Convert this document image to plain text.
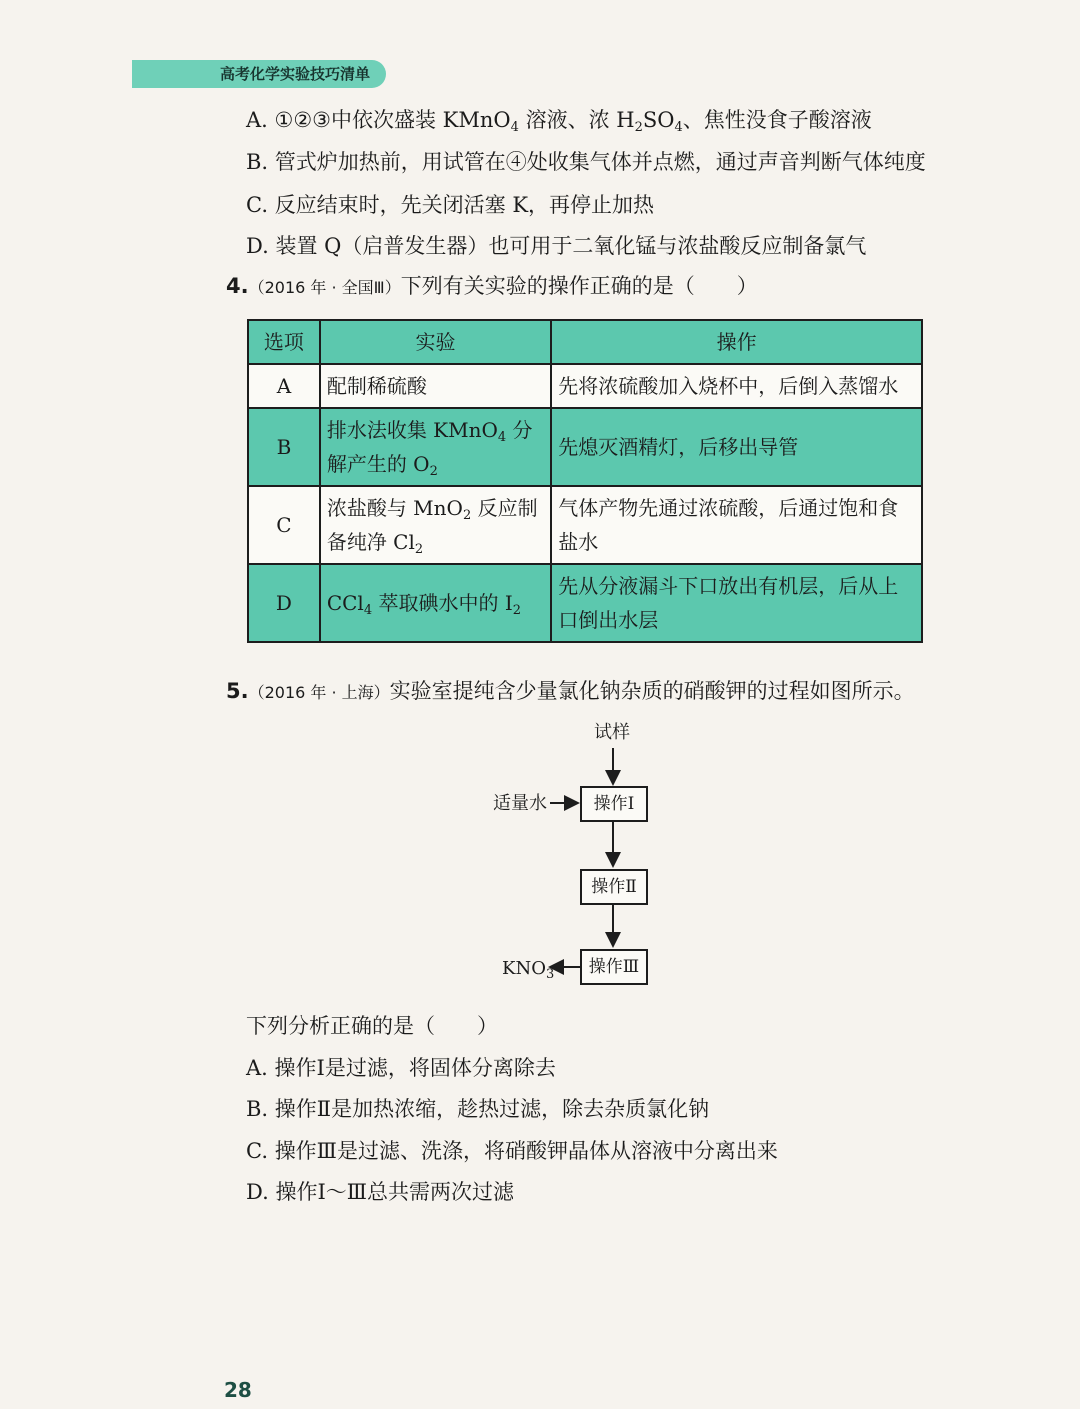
高考化学实验技巧清单
A. ①②③中依次盛装 KMnO$_4$ 溶液、浓 $H_2SO_4$、焦性没食子酸溶液
B. 管式炉加热前，用试管在④处收集气体并点燃，通过声音判断气体纯度
C. 反应结束时，先关闭活塞 K，再停止加热
D. 装置 Q（启普发生器）也可用于二氧化锰与浓盐酸反应制备氯气
4.（2016 年 · 全国Ⅲ）下列有关实验的操作正确的是（　　）
选项	实验	操作
A	配制稀硫酸	先将浓硫酸加入烧杯中，后倒入蒸馏水
B	排水法收集 KMnO$_4$ 分解产生的 $O_2$	先熄灭酒精灯，后移出导管
C	浓盐酸与 MnO$_2$ 反应制备纯净 $Cl_2$	气体产物先通过浓硫酸，后通过饱和食盐水
D	CCl$_4$ 萃取碘水中的 $I_2$	先从分液漏斗下口放出有机层，后从上口倒出水层
5.（2016 年 · 上海）实验室提纯含少量氯化钠杂质的硝酸钾的过程如图所示。
试样
适量水	操作Ⅰ
操作Ⅱ
操作Ⅲ
$KNO_3$
下列分析正确的是（　　）
A. 操作Ⅰ是过滤，将固体分离除去
B. 操作Ⅱ是加热浓缩，趁热过滤，除去杂质氯化钠
C. 操作Ⅲ是过滤、洗涤，将硝酸钾晶体从溶液中分离出来
D. 操作Ⅰ～Ⅲ总共需两次过滤
28
